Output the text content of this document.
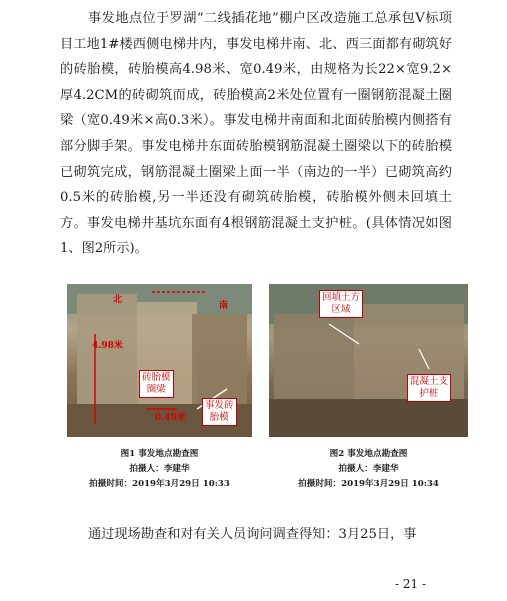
事发地点位于罗湖“二线插花地”棚户区改造施工总承包V标项目工地1#楼西侧电梯井内，事发电梯井南、北、西三面都有砌筑好的砖胎模，砖胎模高4.98米、宽0.49米，由规格为长22×宽9.2×厚4.2CM的砖砌筑而成，砖胎模高2米处位置有一圈钢筋混凝土圈梁（宽0.49米×高0.3米）。事发电梯井南面和北面砖胎模内侧搭有部分脚手架。事发电梯井东面砖胎模钢筋混凝土圈梁以下的砖胎模已砌筑完成，钢筋混凝土圈梁上面一半（南边的一半）已砌筑高约0.5米的砖胎模,另一半还没有砌筑砖胎模，砖胎模外侧未回填土方。事发电梯井基坑东面有4根钢筋混凝土支护桩。(具体情况如图1、图2所示)。

北
南
4.98米
砖胎模
圈梁
0.49米
事发砖
胎模
回填土方
区域
混凝土支
护桩
图1 事发地点勘查图
拍摄人：李建华
拍摄时间：2019年3月29日 10:33
图2 事发地点勘查图
拍摄人：李建华
拍摄时间：2019年3月29日 10:34

通过现场勘查和对有关人员询问调查得知：3月25日，事

- 21 -
